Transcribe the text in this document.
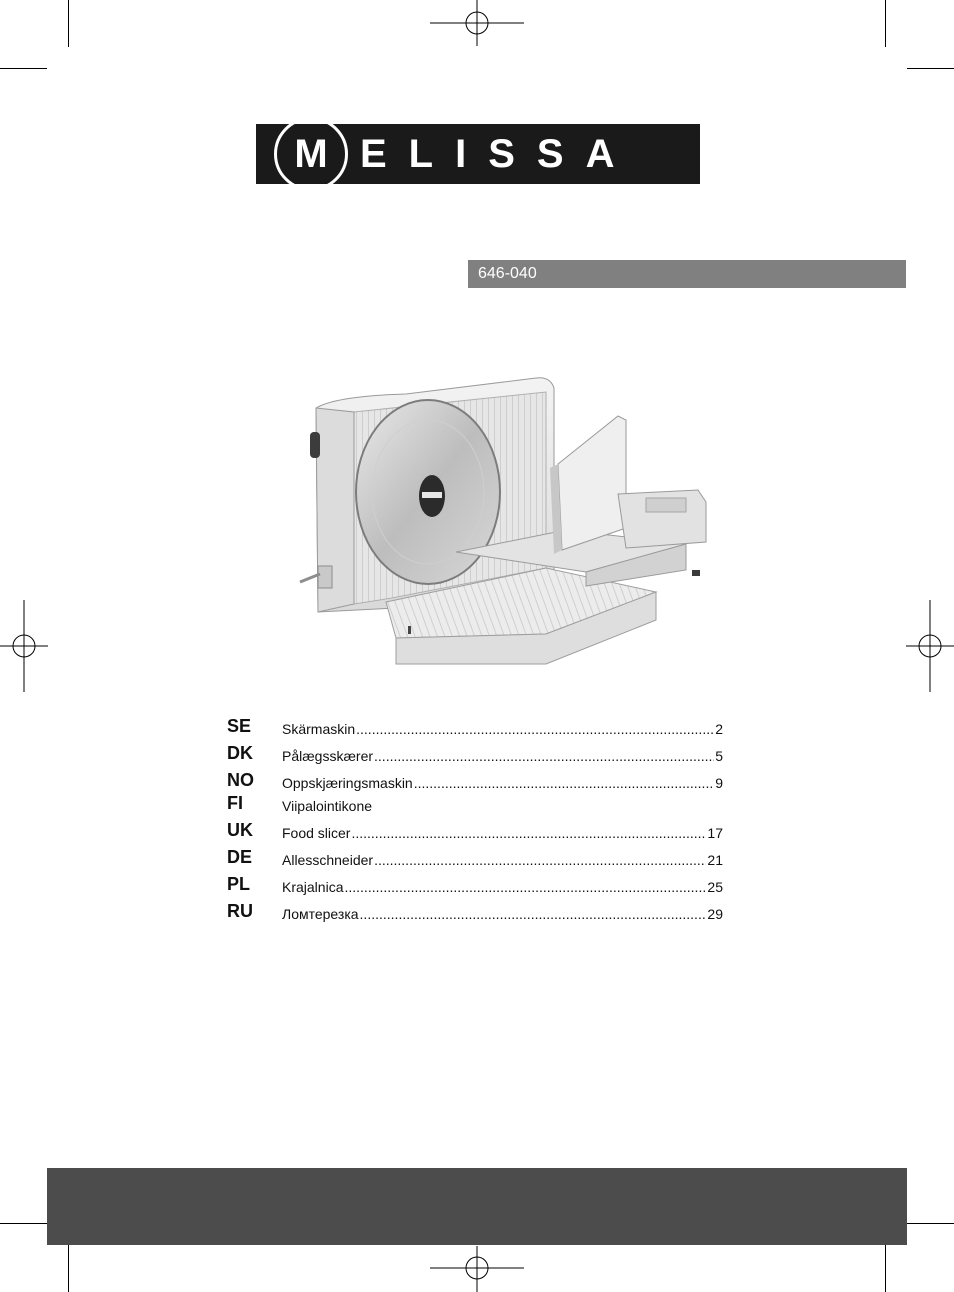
M ELISSA
646-040
SE	Skärmaskin .....	2
DK	Pålægsskærer .....	5
NO	Oppskjæringsmaskin .....	9
FI	Viipalointikone
UK	Food slicer .....	17
DE	Allesschneider .....	21
PL	Krajalnica .....	25
RU	Ломтерезка .....	29
